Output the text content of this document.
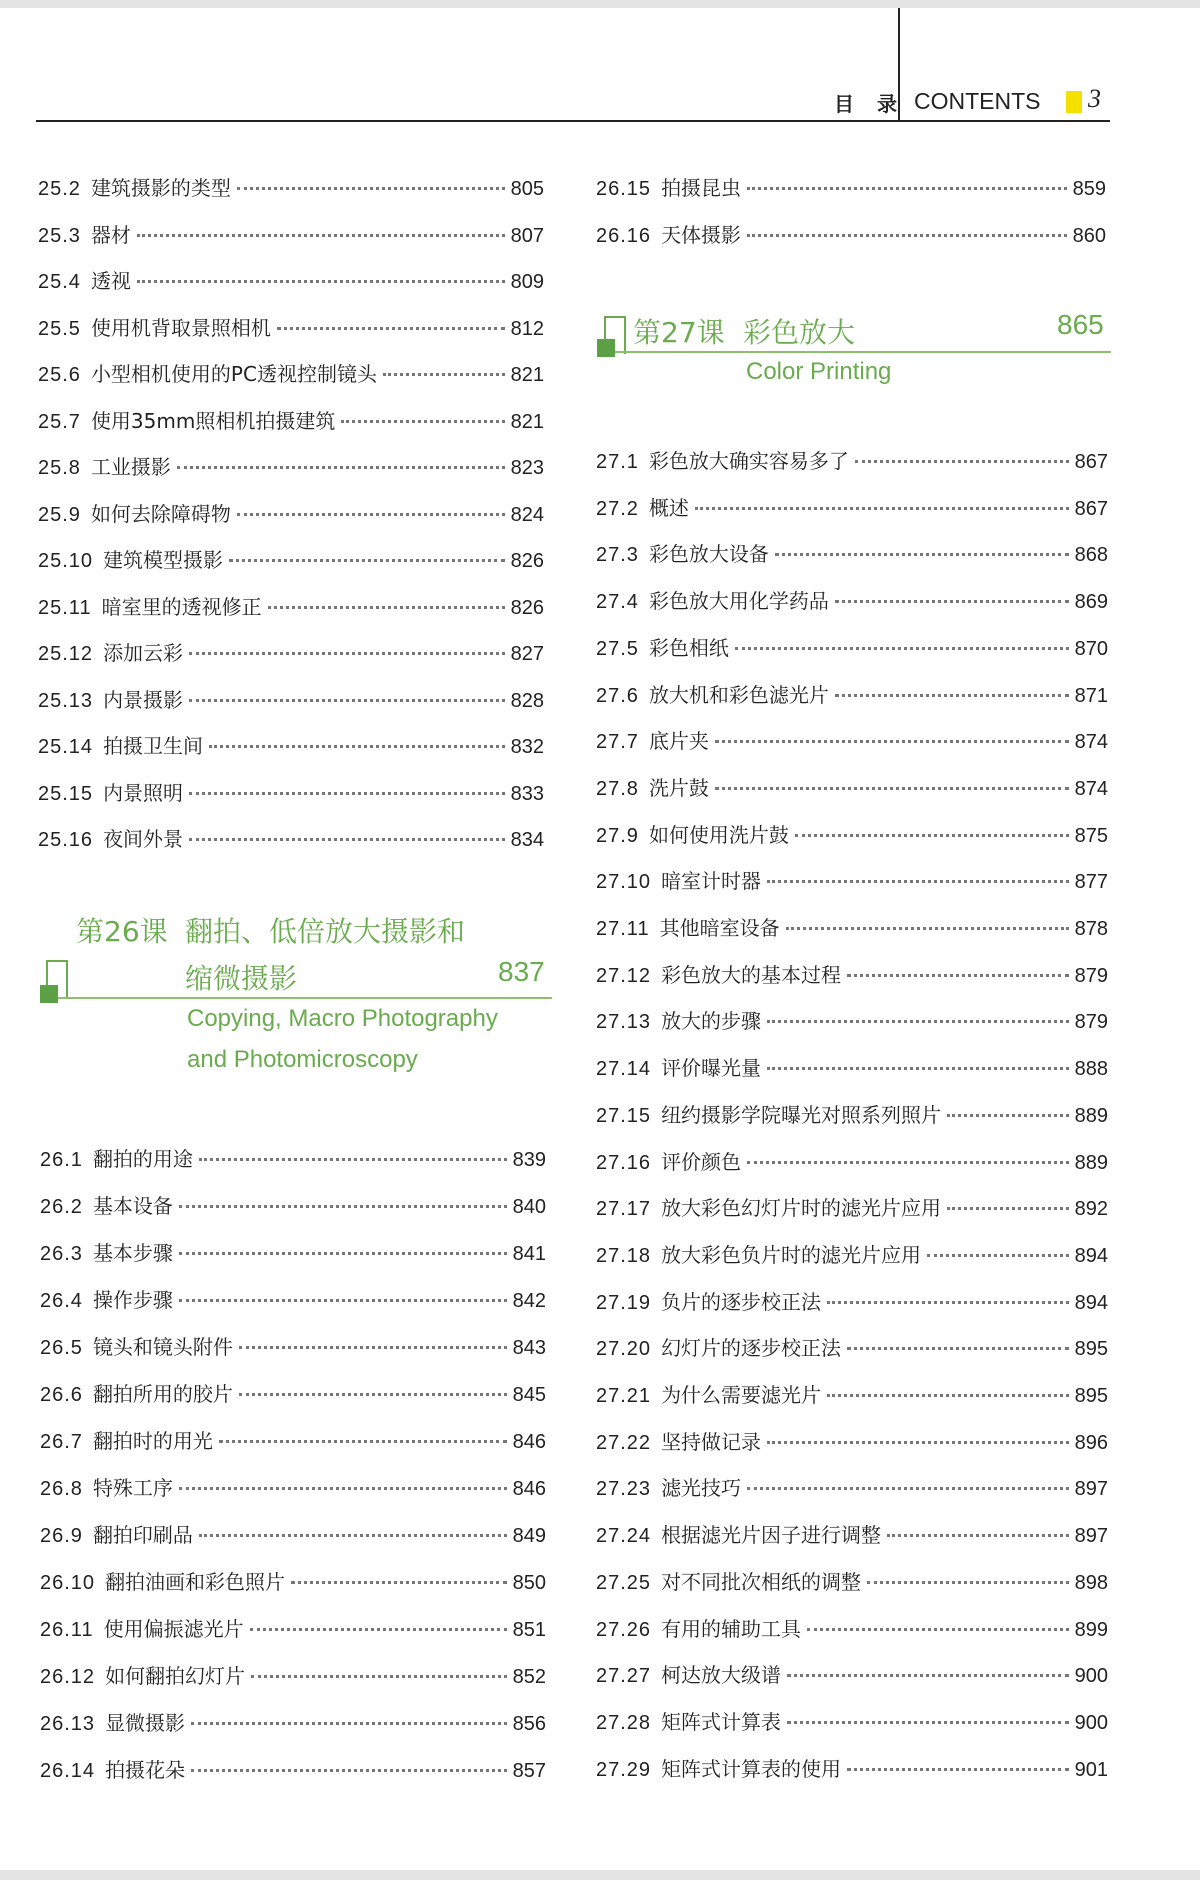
目 录 CONTENTS 3
25.2 建筑摄影的类型	805
25.3 器材	807
25.4 透视	809
25.5 使用机背取景照相机	812
25.6 小型相机使用的PC透视控制镜头	821
25.7 使用35mm照相机拍摄建筑	821
25.8 工业摄影	823
25.9 如何去除障碍物	824
25.10 建筑模型摄影	826
25.11 暗室里的透视修正	826
25.12 添加云彩	827
25.13 内景摄影	828
25.14 拍摄卫生间	832
25.15 内景照明	833
25.16 夜间外景	834
第26课 翻拍、低倍放大摄影和
缩微摄影	837
Copying, Macro Photography
and Photomicroscopy
26.1 翻拍的用途	839
26.2 基本设备	840
26.3 基本步骤	841
26.4 操作步骤	842
26.5 镜头和镜头附件	843
26.6 翻拍所用的胶片	845
26.7 翻拍时的用光	846
26.8 特殊工序	846
26.9 翻拍印刷品	849
26.10 翻拍油画和彩色照片	850
26.11 使用偏振滤光片	851
26.12 如何翻拍幻灯片	852
26.13 显微摄影	856
26.14 拍摄花朵	857
26.15 拍摄昆虫	859
26.16 天体摄影	860
第27课 彩色放大	865
Color Printing
27.1 彩色放大确实容易多了	867
27.2 概述	867
27.3 彩色放大设备	868
27.4 彩色放大用化学药品	869
27.5 彩色相纸	870
27.6 放大机和彩色滤光片	871
27.7 底片夹	874
27.8 洗片鼓	874
27.9 如何使用洗片鼓	875
27.10 暗室计时器	877
27.11 其他暗室设备	878
27.12 彩色放大的基本过程	879
27.13 放大的步骤	879
27.14 评价曝光量	888
27.15 纽约摄影学院曝光对照系列照片	889
27.16 评价颜色	889
27.17 放大彩色幻灯片时的滤光片应用	892
27.18 放大彩色负片时的滤光片应用	894
27.19 负片的逐步校正法	894
27.20 幻灯片的逐步校正法	895
27.21 为什么需要滤光片	895
27.22 坚持做记录	896
27.23 滤光技巧	897
27.24 根据滤光片因子进行调整	897
27.25 对不同批次相纸的调整	898
27.26 有用的辅助工具	899
27.27 柯达放大级谱	900
27.28 矩阵式计算表	900
27.29 矩阵式计算表的使用	901
